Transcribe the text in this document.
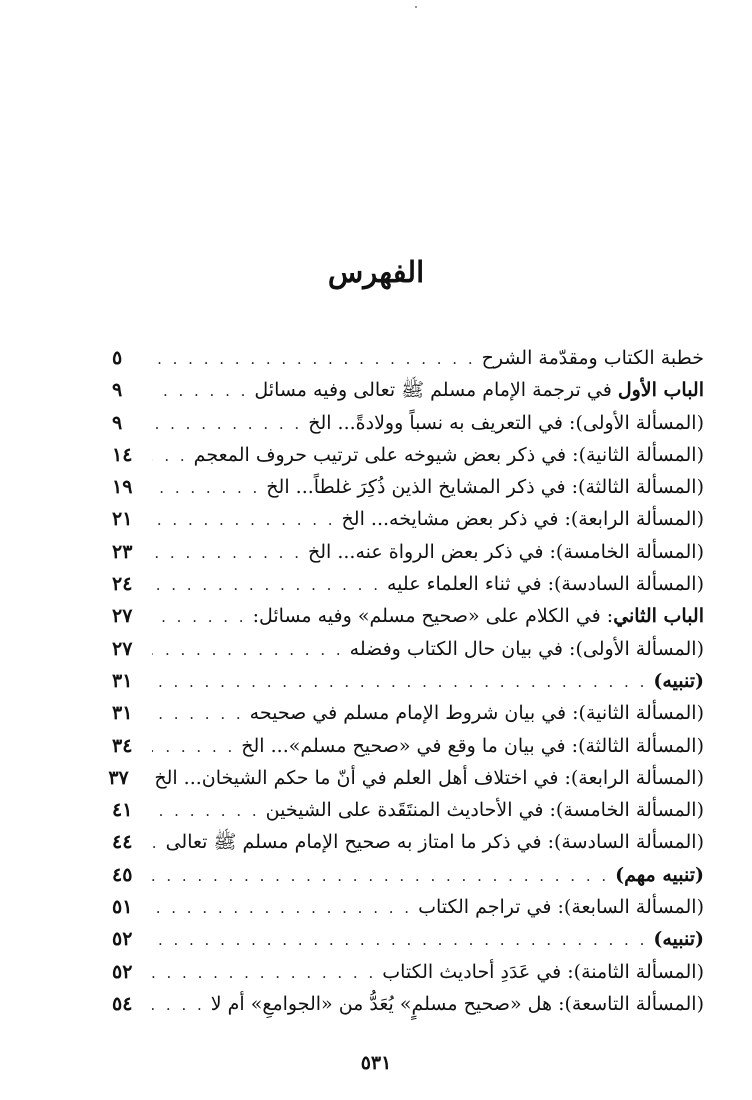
الفهرس
خطبة الكتاب ومقدّمة الشرح
. . .
٥
الباب الأول في ترجمة الإمام مسلم ﷺ تعالى وفيه مسائل
. . .
٩
(المسألة الأولى): في التعريف به نسباً وولادةً... الخ
. . .
٩
(المسألة الثانية): في ذكر بعض شيوخه على ترتيب حروف المعجم
. . .
١٤
(المسألة الثالثة): في ذكر المشايخ الذين ذُكِرَ غلطاً... الخ
. . .
١٩
(المسألة الرابعة): في ذكر بعض مشايخه... الخ
. . .
٢١
(المسألة الخامسة): في ذكر بعض الرواة عنه... الخ
. . .
٢٣
(المسألة السادسة): في ثناء العلماء عليه
. . .
٢٤
الباب الثاني: في الكلام على «صحيح مسلم» وفيه مسائل:
. . .
٢٧
(المسألة الأولى): في بيان حال الكتاب وفضله
. . .
٢٧
(تنبيه)
. . .
٣١
(المسألة الثانية): في بيان شروط الإمام مسلم في صحيحه
. . .
٣١
(المسألة الثالثة): في بيان ما وقع في «صحيح مسلم»... الخ
. . .
٣٤
(المسألة الرابعة): في اختلاف أهل العلم في أنّ ما حكم الشيخان... الخ
٣٧
(المسألة الخامسة): في الأحاديث المنتَقَدة على الشيخين
. . .
٤١
(المسألة السادسة): في ذكر ما امتاز به صحيح الإمام مسلم ﷺ تعالى
. . .
٤٤
(تنبيه مهم)
. . .
٤٥
(المسألة السابعة): في تراجم الكتاب
. . .
٥١
(تنبيه)
. . .
٥٢
(المسألة الثامنة): في عَدَدِ أحاديث الكتاب
. . .
٥٢
(المسألة التاسعة): هل «صحيح مسلمٍ» يُعَدُّ من «الجوامعِ» أم لا
. . .
٥٤
٥٣١
